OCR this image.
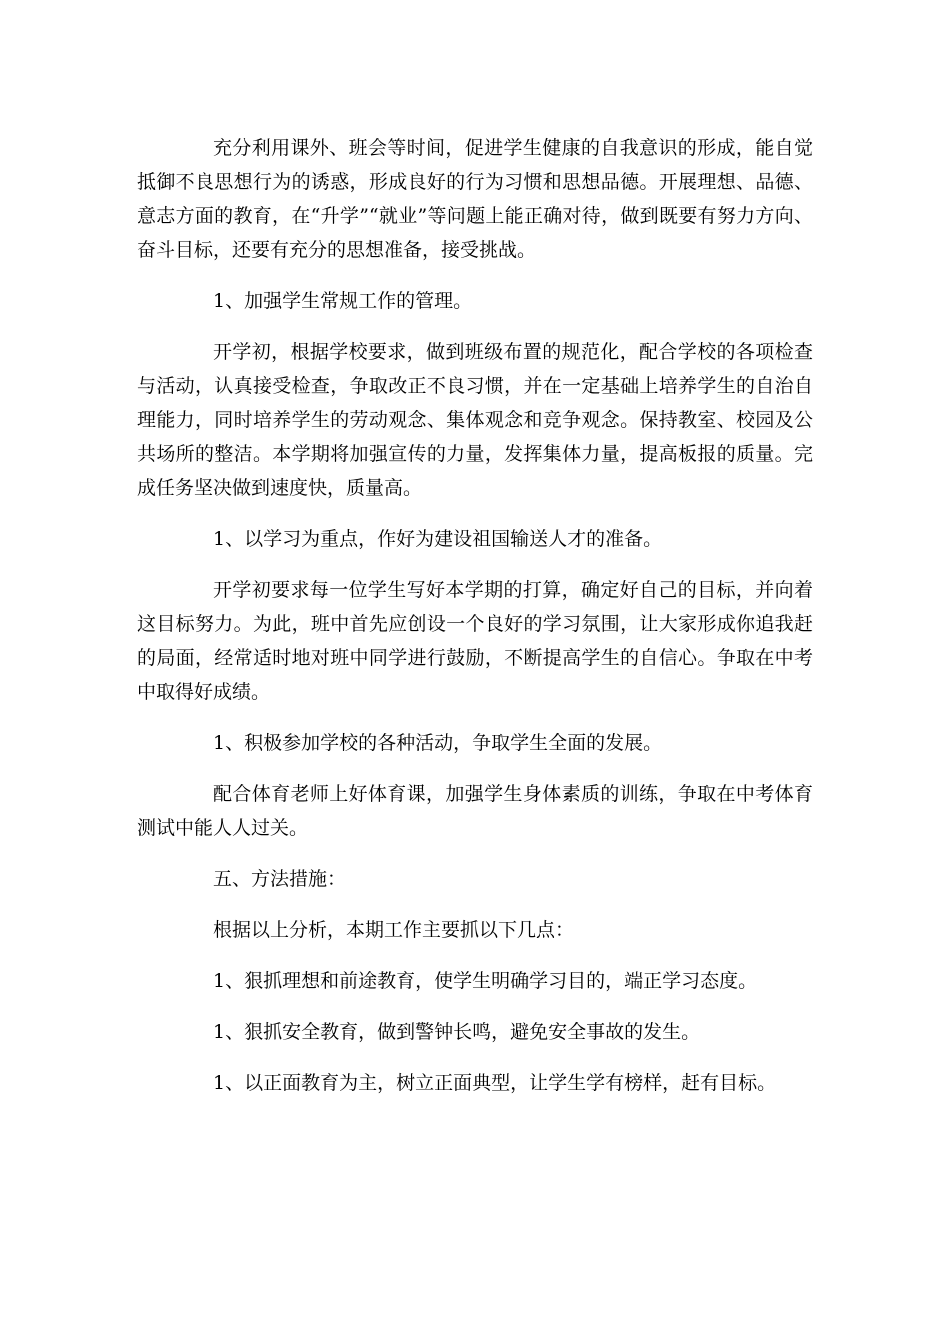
充分利用课外、班会等时间，促进学生健康的自我意识的形成，能自觉抵御不良思想行为的诱惑，形成良好的行为习惯和思想品德。开展理想、品德、意志方面的教育，在“升学”“就业”等问题上能正确对待，做到既要有努力方向、奋斗目标，还要有充分的思想准备，接受挑战。

1、加强学生常规工作的管理。

开学初，根据学校要求，做到班级布置的规范化，配合学校的各项检查与活动，认真接受检查，争取改正不良习惯，并在一定基础上培养学生的自治自理能力，同时培养学生的劳动观念、集体观念和竞争观念。保持教室、校园及公共场所的整洁。本学期将加强宣传的力量，发挥集体力量，提高板报的质量。完成任务坚决做到速度快，质量高。

1、以学习为重点，作好为建设祖国输送人才的准备。

开学初要求每一位学生写好本学期的打算，确定好自己的目标，并向着这目标努力。为此，班中首先应创设一个良好的学习氛围，让大家形成你追我赶的局面，经常适时地对班中同学进行鼓励，不断提高学生的自信心。争取在中考中取得好成绩。

1、积极参加学校的各种活动，争取学生全面的发展。

配合体育老师上好体育课，加强学生身体素质的训练，争取在中考体育测试中能人人过关。

五、方法措施：

根据以上分析，本期工作主要抓以下几点：

1、狠抓理想和前途教育，使学生明确学习目的，端正学习态度。

1、狠抓安全教育，做到警钟长鸣，避免安全事故的发生。

1、以正面教育为主，树立正面典型，让学生学有榜样，赶有目标。
